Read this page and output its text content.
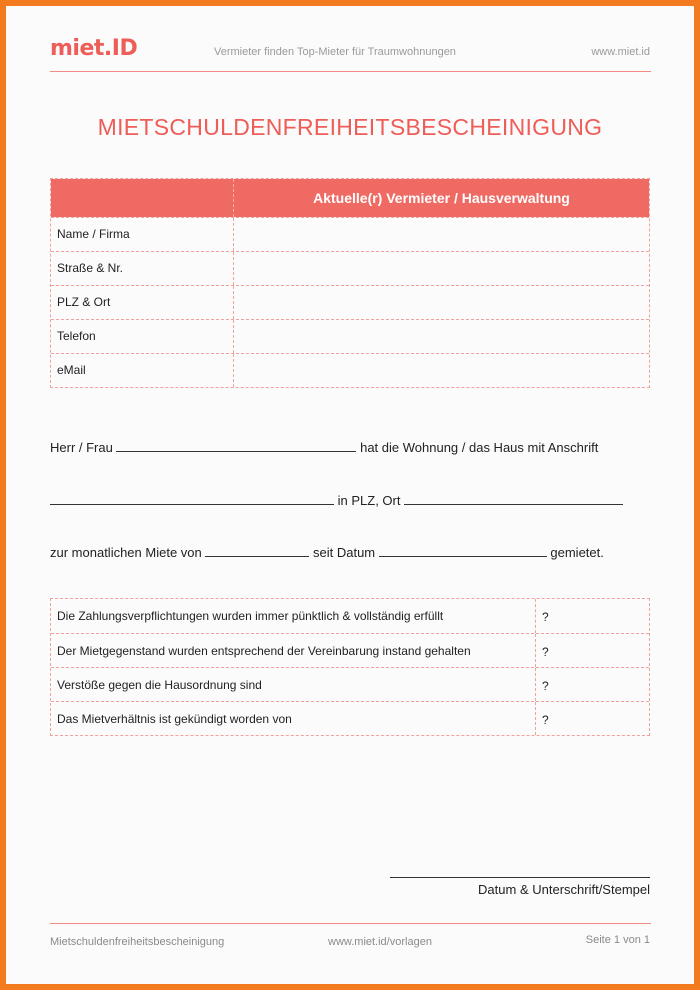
miet.ID	Vermieter finden Top-Mieter für Traumwohnungen	www.miet.id
MIETSCHULDENFREIHEITSBESCHEINIGUNG
Aktuelle(r) Vermieter / Hausverwaltung
Name / Firma
Straße & Nr.
PLZ & Ort
Telefon
eMail
Herr / Frau	hat die Wohnung / das Haus mit Anschrift
in PLZ, Ort
zur monatlichen Miete von	seit Datum	gemietet.
Die Zahlungsverpflichtungen wurden immer pünktlich & vollständig erfüllt	?
Der Mietgegenstand wurden entsprechend der Vereinbarung instand gehalten	?
Verstöße gegen die Hausordnung sind	?
Das Mietverhältnis ist gekündigt worden von	?
Datum & Unterschrift/Stempel
Mietschuldenfreiheitsbescheinigung	www.miet.id/vorlagen	Seite 1 von 1
